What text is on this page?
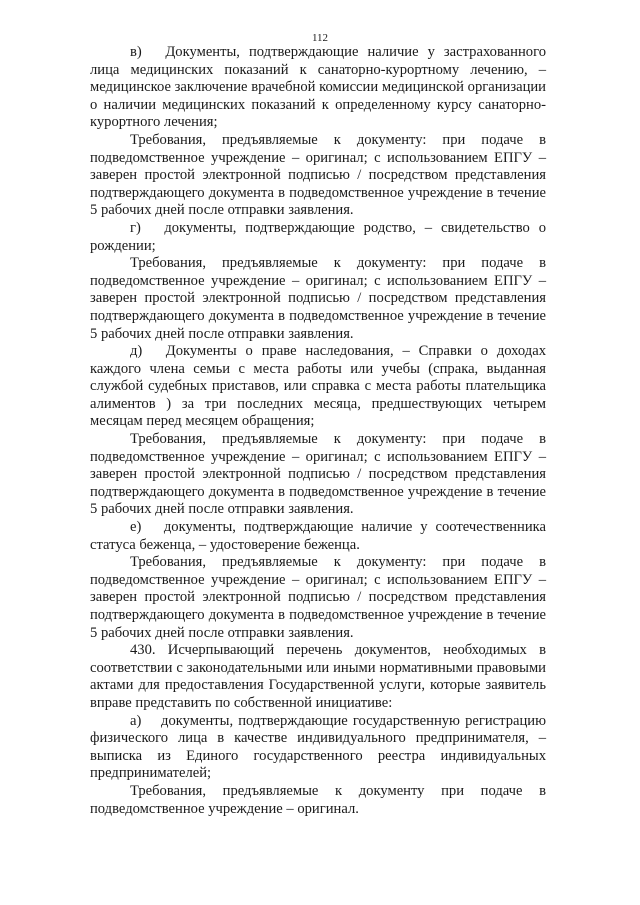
112

в)  Документы, подтверждающие наличие у застрахованного лица медицинских показаний к санаторно-курортному лечению, – медицинское заключение врачебной комиссии медицинской организации о наличии медицинских показаний к определенному курсу санаторно-курортного лечения;

Требования, предъявляемые к документу: при подаче в подведомственное учреждение – оригинал; с использованием ЕПГУ – заверен простой электронной подписью / посредством представления подтверждающего документа в подведомственное учреждение в течение 5 рабочих дней после отправки заявления.

г)  документы, подтверждающие родство, – свидетельство о рождении;

Требования, предъявляемые к документу: при подаче в подведомственное учреждение – оригинал; с использованием ЕПГУ – заверен простой электронной подписью / посредством представления подтверждающего документа в подведомственное учреждение в течение 5 рабочих дней после отправки заявления.

д)  Документы о праве наследования, – Справки о доходах каждого члена семьи с места работы или учебы (спрака, выданная службой судебных приставов, или справка с места работы плательщика алиментов ) за три последних месяца, предшествующих четырем месяцам перед месяцем обращения;

Требования, предъявляемые к документу: при подаче в подведомственное учреждение – оригинал; с использованием ЕПГУ – заверен простой электронной подписью / посредством представления подтверждающего документа в подведомственное учреждение в течение 5 рабочих дней после отправки заявления.

е)  документы, подтверждающие наличие у соотечественника статуса беженца, – удостоверение беженца.

Требования, предъявляемые к документу: при подаче в подведомственное учреждение – оригинал; с использованием ЕПГУ – заверен простой электронной подписью / посредством представления подтверждающего документа в подведомственное учреждение в течение 5 рабочих дней после отправки заявления.

430. Исчерпывающий перечень документов, необходимых в соответствии с законодательными или иными нормативными правовыми актами для предоставления Государственной услуги, которые заявитель вправе представить по собственной инициативе:

а)  документы, подтверждающие государственную регистрацию физического лица в качестве индивидуального предпринимателя, – выписка из Единого государственного реестра индивидуальных предпринимателей;

Требования, предъявляемые к документу при подаче в подведомственное учреждение – оригинал.
